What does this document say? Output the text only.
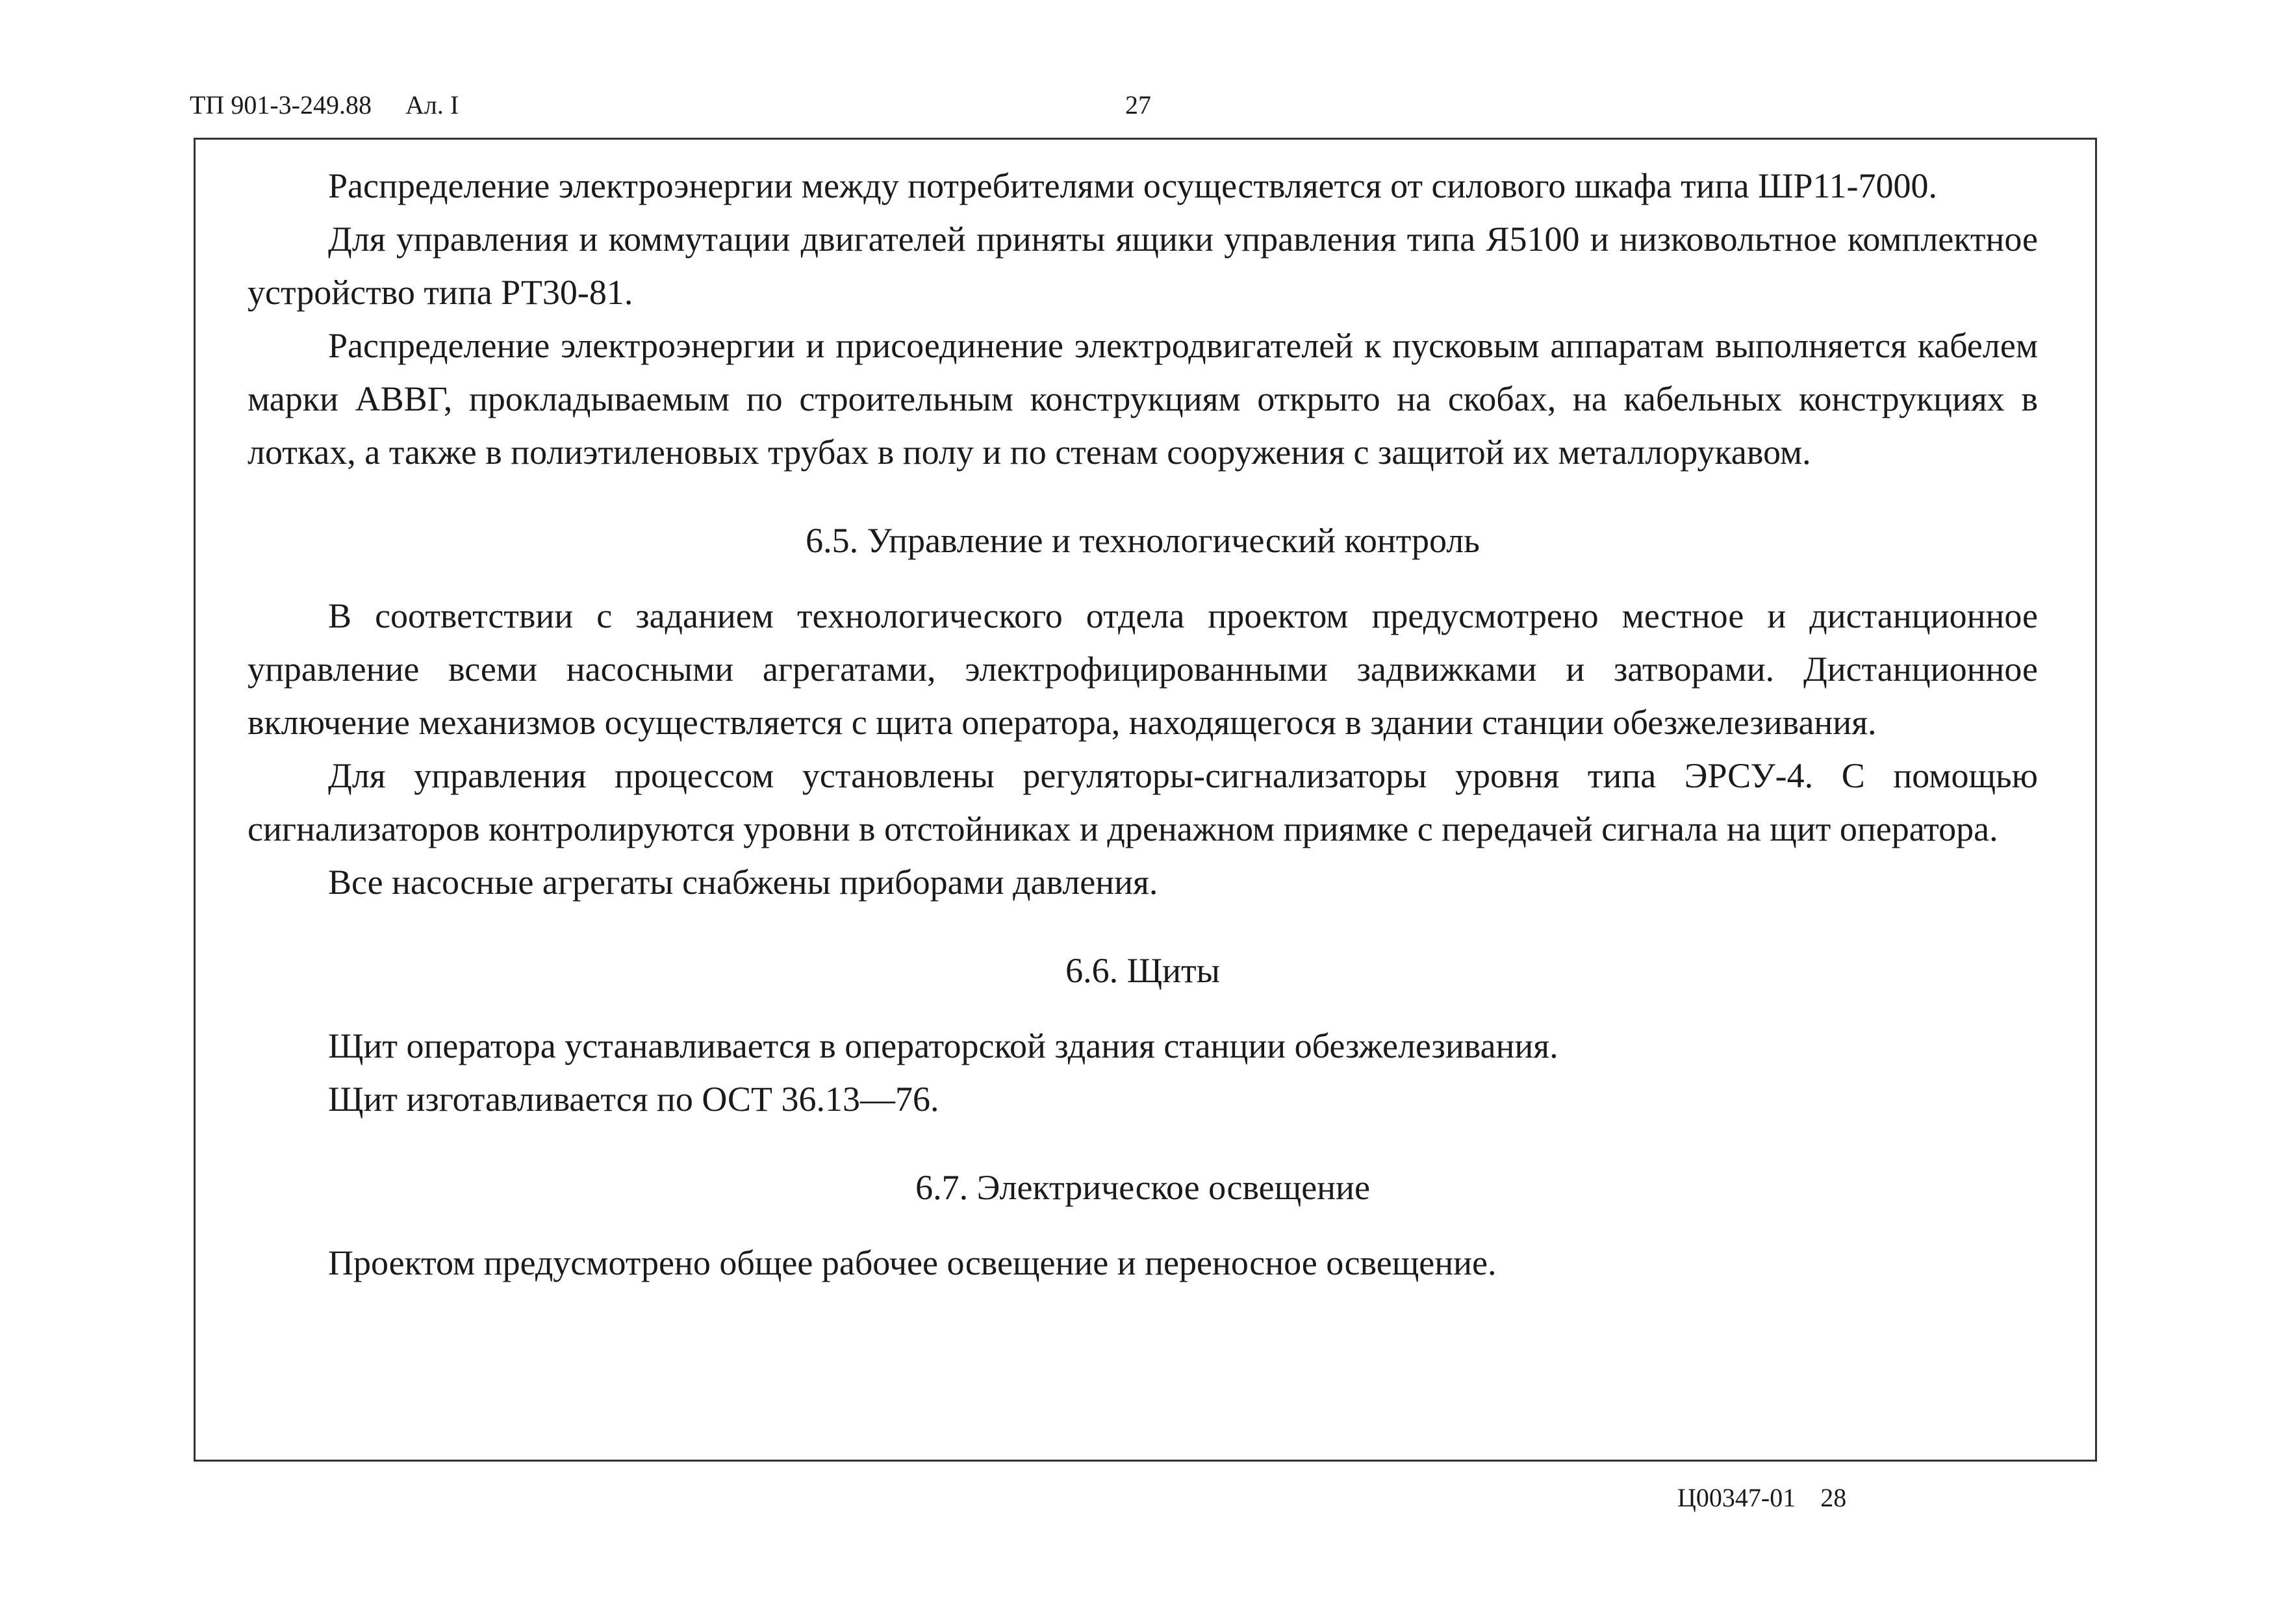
ТП 901-3-249.88 Ал. I	27

Распределение электроэнергии между потребителями осуществляется от силового шкафа типа ШР11-7000.

Для управления и коммутации двигателей приняты ящики управления типа Я5100 и низковольтное комплектное устройство типа РТ30-81.

Распределение электроэнергии и присоединение электродвигателей к пусковым аппаратам выполняется кабелем марки АВВГ, прокладываемым по строительным конструкциям открыто на скобах, на кабельных конструкциях в лотках, а также в полиэтиленовых трубах в полу и по стенам сооружения с защитой их металлорукавом.

6.5. Управление и технологический контроль

В соответствии с заданием технологического отдела проектом предусмотрено местное и дистанционное управление всеми насосными агрегатами, электрофицированными задвижками и затворами. Дистанционное включение механизмов осуществляется с щита оператора, находящегося в здании станции обезжелезивания.

Для управления процессом установлены регуляторы-сигнализаторы уровня типа ЭРСУ-4. С помощью сигнализаторов контролируются уровни в отстойниках и дренажном приямке с передачей сигнала на щит оператора.

Все насосные агрегаты снабжены приборами давления.

6.6. Щиты

Щит оператора устанавливается в операторской здания станции обезжелезивания.

Щит изготавливается по ОСТ 36.13—76.

6.7. Электрическое освещение

Проектом предусмотрено общее рабочее освещение и переносное освещение.

Ц00347-01 28
